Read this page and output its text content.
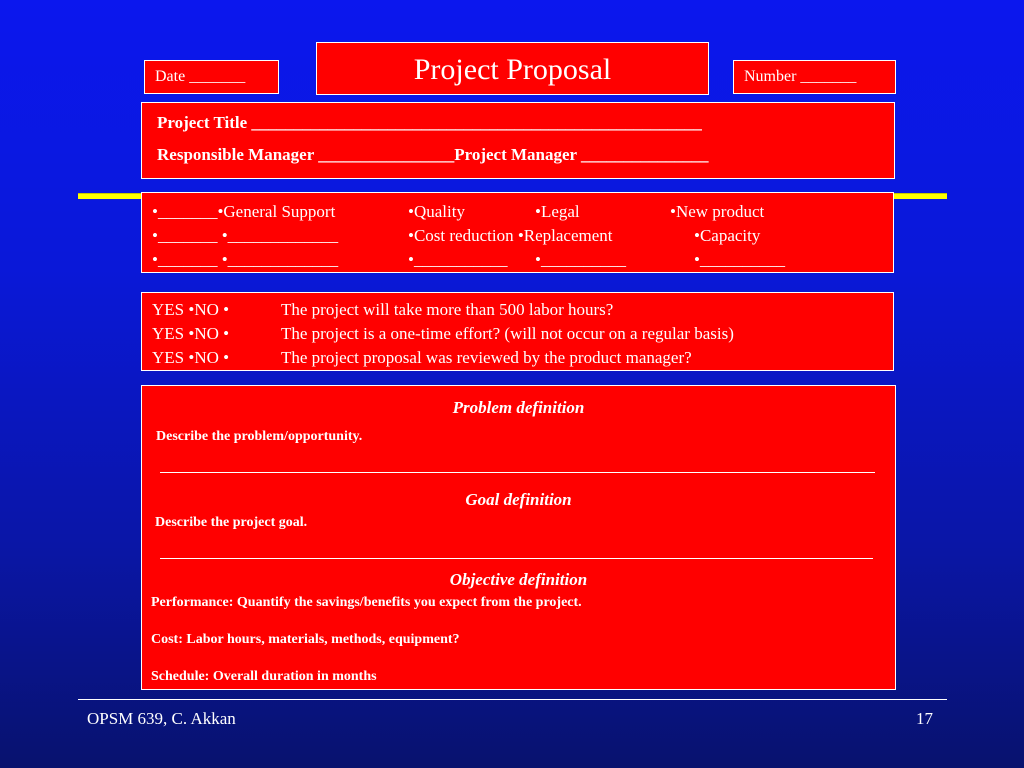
Date _______	Project Proposal	Number _______
Project Title _____________________________________________________
Responsible Manager ________________Project Manager _______________
•_______•General Support	•Quality	•Legal	•New product
•_______ •_____________	•Cost reduction •Replacement	•Capacity
•_______ •_____________	•___________ •__________	•__________
YES •NO •	The project will take more than 500 labor hours?
YES •NO •	The project is a one-time effort? (will not occur on a regular basis)
YES •NO •	The project proposal was reviewed by the product manager?
Problem definition
Describe the problem/opportunity.
Goal definition
Describe the project goal.
Objective definition
Performance: Quantify the savings/benefits you expect from the project.
Cost: Labor hours, materials, methods, equipment?
Schedule: Overall duration in months
OPSM 639, C. Akkan	17
